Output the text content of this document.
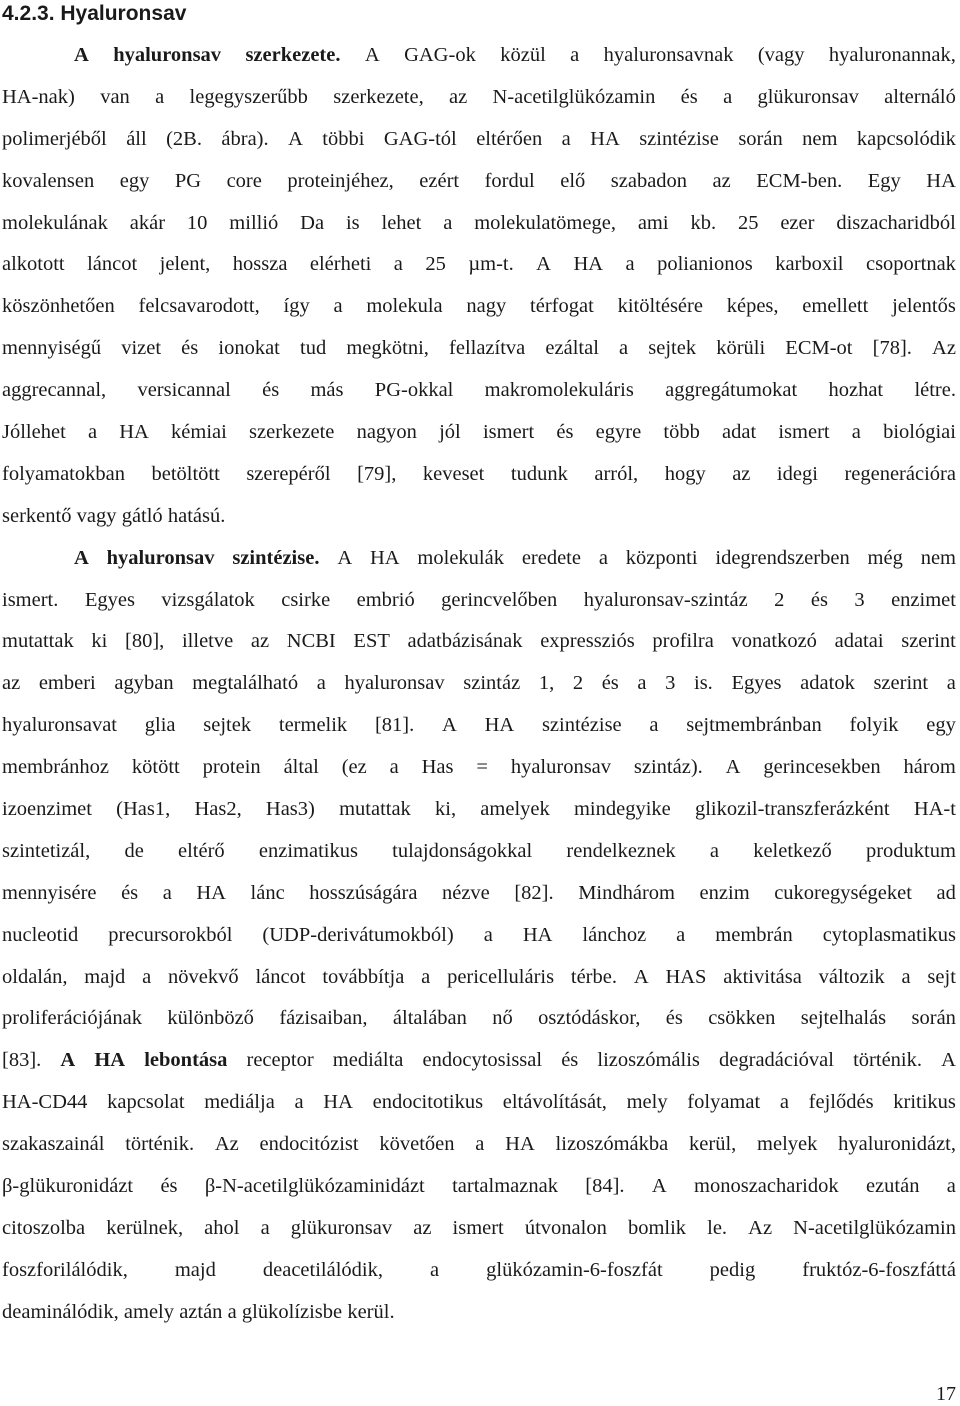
4.2.3. Hyaluronsav
A hyaluronsav szerkezete. A GAG-ok közül a hyaluronsavnak (vagy hyaluronannak,
HA-nak) van a legegyszerűbb szerkezete, az N-acetilglükózamin és a glükuronsav alternáló
polimerjéből áll (2B. ábra). A többi GAG-tól eltérően a HA szintézise során nem kapcsolódik
kovalensen egy PG core proteinjéhez, ezért fordul elő szabadon az ECM-ben. Egy HA
molekulának akár 10 millió Da is lehet a molekulatömege, ami kb. 25 ezer diszacharidból
alkotott láncot jelent, hossza elérheti a 25 µm-t. A HA a polianionos karboxil csoportnak
köszönhetően felcsavarodott, így a molekula nagy térfogat kitöltésére képes, emellett jelentős
mennyiségű vizet és ionokat tud megkötni, fellazítva ezáltal a sejtek körüli ECM-ot [78]. Az
aggrecannal, versicannal és más PG-okkal makromolekuláris aggregátumokat hozhat létre.
Jóllehet a HA kémiai szerkezete nagyon jól ismert és egyre több adat ismert a biológiai
folyamatokban betöltött szerepéről [79], keveset tudunk arról, hogy az idegi regenerációra
serkentő vagy gátló hatású.
A hyaluronsav szintézise. A HA molekulák eredete a központi idegrendszerben még nem
ismert. Egyes vizsgálatok csirke embrió gerincvelőben hyaluronsav-szintáz 2 és 3 enzimet
mutattak ki [80], illetve az NCBI EST adatbázisának expressziós profilra vonatkozó adatai szerint
az emberi agyban megtalálható a hyaluronsav szintáz 1, 2 és a 3 is. Egyes adatok szerint a
hyaluronsavat glia sejtek termelik [81]. A HA szintézise a sejtmembránban folyik egy
membránhoz kötött protein által (ez a Has = hyaluronsav szintáz). A gerincesekben három
izoenzimet (Has1, Has2, Has3) mutattak ki, amelyek mindegyike glikozil-transzferázként HA-t
szintetizál, de eltérő enzimatikus tulajdonságokkal rendelkeznek a keletkező produktum
mennyisére és a HA lánc hosszúságára nézve [82]. Mindhárom enzim cukoregységeket ad
nucleotid precursorokból (UDP-derivátumokból) a HA lánchoz a membrán cytoplasmatikus
oldalán, majd a növekvő láncot továbbítja a pericelluláris térbe. A HAS aktivitása változik a sejt
proliferációjának különböző fázisaiban, általában nő osztódáskor, és csökken sejtelhalás során
[83]. A HA lebontása receptor mediálta endocytosissal és lizoszómális degradációval történik. A
HA-CD44 kapcsolat mediálja a HA endocitotikus eltávolítását, mely folyamat a fejlődés kritikus
szakaszainál történik. Az endocitózist követően a HA lizoszómákba kerül, melyek hyaluronidázt,
β-glükuronidázt és β-N-acetilglükózaminidázt tartalmaznak [84]. A monoszacharidok ezután a
citoszolba kerülnek, ahol a glükuronsav az ismert útvonalon bomlik le. Az N-acetilglükózamin
foszforilálódik, majd deacetilálódik, a glükózamin-6-foszfát pedig fruktóz-6-foszfáttá
deaminálódik, amely aztán a glükolízisbe kerül.
17
